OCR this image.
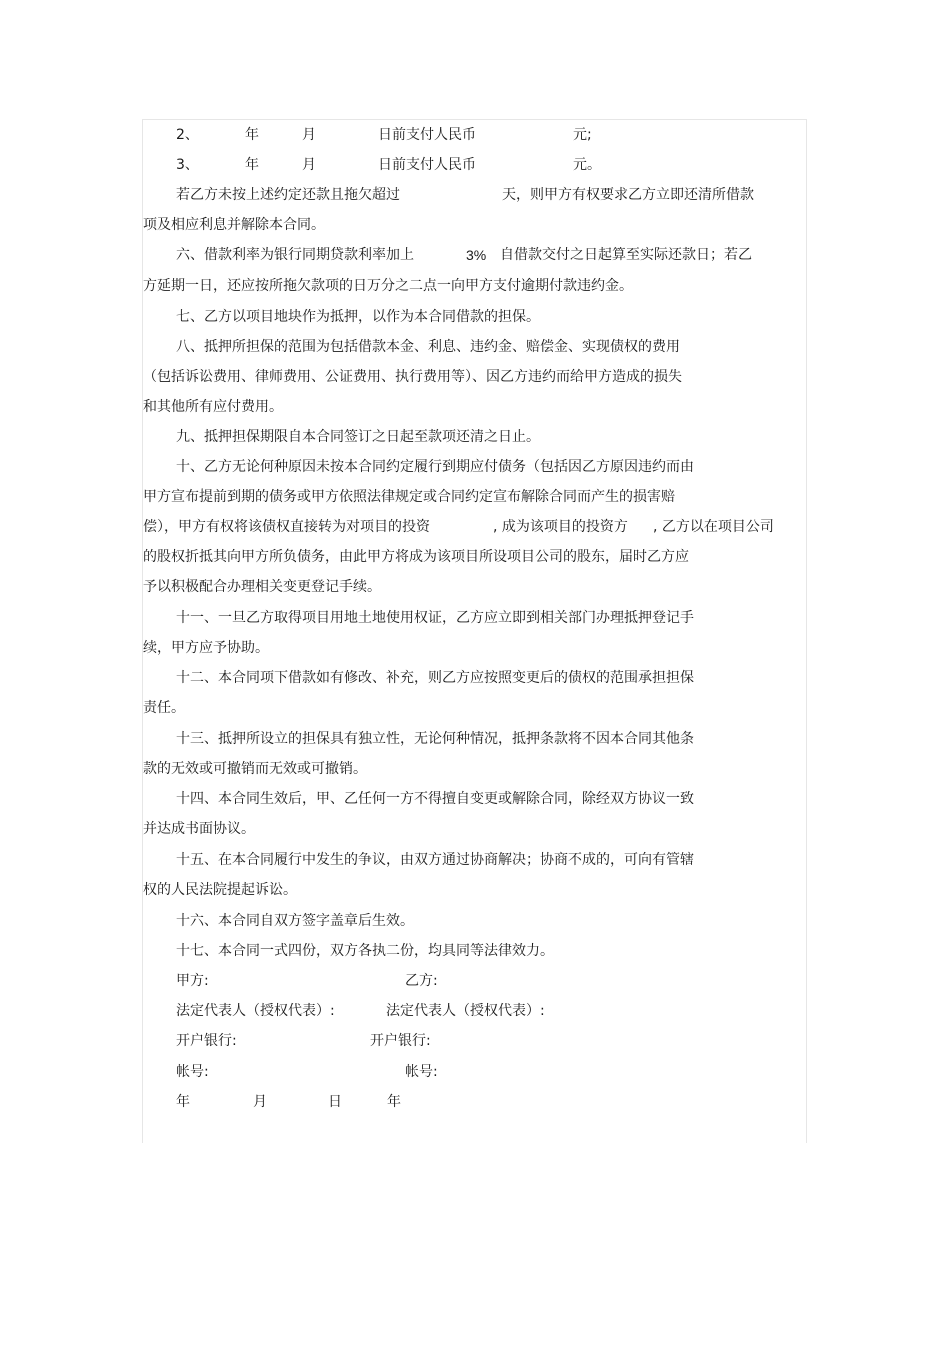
2、	年	月	日前支付人民币	元;
3、	年	月	日前支付人民币	元。
若乙方未按上述约定还款且拖欠超过	天，则甲方有权要求乙方立即还清所借款
项及相应利息并解除本合同。
六、借款利率为银行同期贷款利率加上	3% 自借款交付之日起算至实际还款日；若乙
方延期一日，还应按所拖欠款项的日万分之二点一向甲方支付逾期付款违约金。
七、乙方以项目地块作为抵押，以作为本合同借款的担保。
八、抵押所担保的范围为包括借款本金、利息、违约金、赔偿金、实现债权的费用
（包括诉讼费用、律师费用、公证费用、执行费用等）、因乙方违约而给甲方造成的损失
和其他所有应付费用。
九、抵押担保期限自本合同签订之日起至款项还清之日止。
十、乙方无论何种原因未按本合同约定履行到期应付债务（包括因乙方原因违约而由
甲方宣布提前到期的债务或甲方依照法律规定或合同约定宣布解除合同而产生的损害赔
偿），甲方有权将该债权直接转为对项目的投资	, 成为该项目的投资方 , 乙方以在项目公司
的股权折抵其向甲方所负债务，由此甲方将成为该项目所设项目公司的股东，届时乙方应
予以积极配合办理相关变更登记手续。
十一、一旦乙方取得项目用地土地使用权证，乙方应立即到相关部门办理抵押登记手
续，甲方应予协助。
十二、本合同项下借款如有修改、补充，则乙方应按照变更后的债权的范围承担担保
责任。
十三、抵押所设立的担保具有独立性，无论何种情况，抵押条款将不因本合同其他条
款的无效或可撤销而无效或可撤销。
十四、本合同生效后，甲、乙任何一方不得擅自变更或解除合同，除经双方协议一致
并达成书面协议。
十五、在本合同履行中发生的争议，由双方通过协商解决；协商不成的，可向有管辖
权的人民法院提起诉讼。
十六、本合同自双方签字盖章后生效。
十七、本合同一式四份，双方各执二份，均具同等法律效力。
甲方:	乙方:
法定代表人（授权代表）:	法定代表人（授权代表）:
开户银行:	开户银行:
帐号:	帐号:
年	月	日	年
